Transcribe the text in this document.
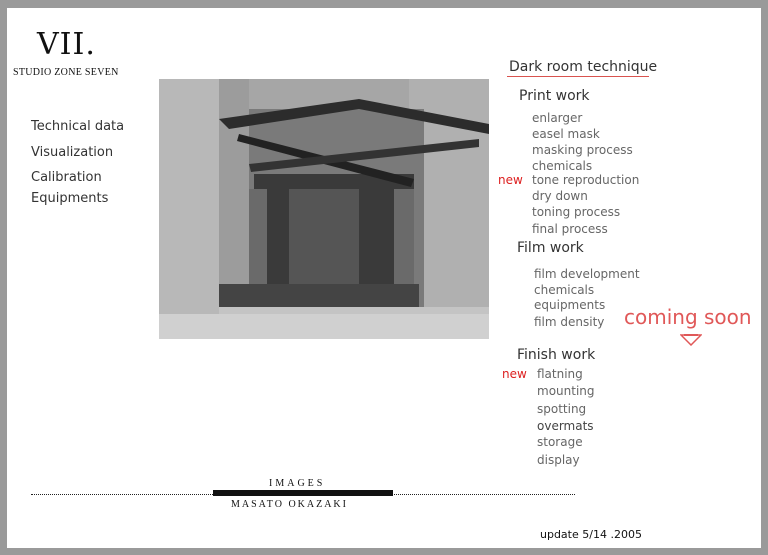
VII.
STUDIO ZONE SEVEN
Technical data
Visualization
Calibration
Equipments
Dark room technique
Print work
enlarger
easel mask
masking process
chemicals
new tone reproduction
dry down
toning process
final process
Film work
film development
chemicals
equipments
film density coming soon
Finish work
new flatning
mounting
spotting
overmats
storage
display
IMAGES
MASATO OKAZAKI
update 5/14 .2005
